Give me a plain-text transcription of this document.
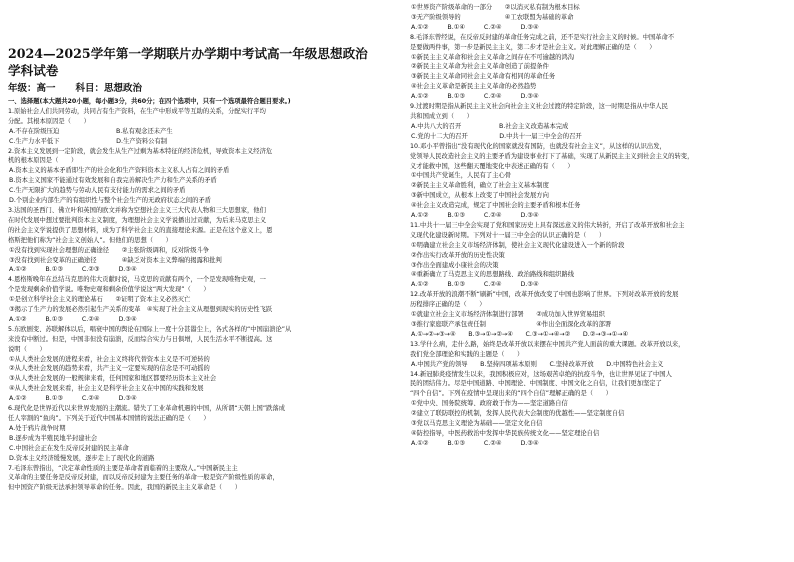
2024—2025学年第一学期联片办学期中考试高一年级思想政治
学科试卷
年级：高一 科目：思想政治
一、选择题(本大题共20小题，每小题3分，共60分；在四个选项中，只有一个选项最符合题目要求。)
1.原始社会人们共同劳动，共同占有生产资料，在生产中形成平等互助的关系，分配实行平均
分配。其根本原因是（　　）
A.不存在阶级压迫　　　　　　　　　B.私有观念还未产生
C.生产力水平低下　　　　　　　　　D.生产资料公有制
2.资本主义发展到一定阶段，就会发生从生产过剩为基本特征的经济危机，导致资本主义经济危
机的根本原因是（　　）
A.资本主义的基本矛盾即生产的社会化和生产资料资本主义私人占有之间的矛盾
B.资本主义国家不能通过有效发展和自我完善解决生产力和生产关系的矛盾
C.生产无限扩大的趋势与劳动人民有支付能力的需求之间的矛盾
D.个别企业内部生产的有组织性与整个社会生产的无政府状态之间的矛盾
3.达国的圣西门、佛立叶和英国的欧文并称为空想社会主义三大代表人物和三大思想家，他们
在时代发展中想过要批判资本主义制度，为理想社会主义学说播出过贡献，为后来马克思主义
的社会主义学说提供了思想材料，成为了科学社会主义的直接理论来源。正是在这个意义上，恩
格斯把他们称为“社会主义创始人”。但他们的思想（　　）
①没有找到实现社会理想的正确途径　　②主张阶级调和，反对阶级斗争
③没有找到社会变革的正确途径　　　　④缺乏对资本主义弊端的揭露和批判
A.①②　　　B.①③　　　C.②③　　　D.③④
4.恩格斯晚年在总结马克思的伟大贡献时说，马克思的贡献有两个，一个是发现唯物史观，一
个是发现剩余价值学说。唯物史观和剩余价值学说这“两大发现”（　　）
①是创立科学社会主义的理论基石　　②证明了资本主义必然灭亡
③揭示了生产力的发展必然引起生产关系的变革　④实现了社会主义从理想到现实的历史性飞跃
A.①②　　　B.①③　　　C.②④　　　D.③④
5.东欧剧变、苏联解体以后，唱衰中国的舆论在国际上一度十分甚嚣尘上，各式各样的“中国崩溃论”从
来没有中断过。但是，中国非但没有崩溃，反而综合实力与日俱增，人民生活水平不断提高。这
说明（　　）
①从人类社会发展的进程来看，社会主义终将代替资本主义是不可逆转的
②从人类社会发展的趋势来看，共产主义一定要实现的信念是不可动摇的
③从人类社会发展的一般规律来看，任何国家和地区都要经历资本主义社会
④从人类社会发展来看，社会主义是科学社会主义在中国的实践和发展
A.①②　　　B.①③　　　C.②④　　　D.③④
6.现代化是世界近代以来世界发展的主潮流。错失了工业革命机遇的中国，从所谓“天朝上国”跌落成
任人宰割的“鱼肉”。下列关于近代中国基本国情的说法正确的是（　　）
A.处于鸦片战争时期
B.逐步成为半殖民地半封建社会
C.中国社会正在发生反帝反封建的民主革命
D.资本主义经济缓慢发展，逐步走上了现代化的道路
7.毛泽东曾指出，“决定革命性质的主要是革命者面临着的主要敌人。”中国新民主主
义革命的主要任务是反帝反封建，而以反帝反封建为主要任务的革命一般是资产阶级性质的革命，
但中国资产阶级无法承担领导革命的任务。因此，我国的新民主主义革命是（　　）
①世界资产阶级革命的一部分　　②以消灭私有制为根本目标
③无产阶级领导的　　　　　　　④工农联盟为基础的革命
A.①②　　　B.①④　　　C.②④　　　D.③④
8.毛泽东曾经说，在反帝反封建的革命任务完成之前，还不是实行社会主义的时候。中国革命不
是要做两件事，第一步是新民主主义，第二步才是社会主义。对此理解正确的是（　　）
①新民主主义革命和社会主义革命之间存在不可逾越的鸿沟
②新民主主义革命为社会主义革命创造了前提条件
③新民主主义革命同社会主义革命有相同的革命任务
④社会主义革命是新民主主义革命的必然趋势
A.①②　　　B.①③　　　C.②④　　　D.③④
9.过渡时期是指从新民主主义社会向社会主义社会过渡的特定阶段，这一时期是指从中华人民
共和国成立到（　　）
A.中共八大的召开　　　　　　B.社会主义改造基本完成
C.党的十二大的召开　　　　　D.中共十一届三中全会的召开
10.邓小平曾指出“没有现代化的国家就没有国防，也就没有社会主义”，从这样的认识出发，
党领导人民改造社会主义的主要矛盾为建设事业打下了基础，实现了从新民主主义到社会主义的转变，
义才能救中国，这些翻天覆地变化中表述正确的有（　　）
①中国共产党诞生，人民有了主心骨
②新民主主义革命胜利，确立了社会主义基本制度
③新中国成立，从根本上改变了中国社会发展方向
④社会主义改造完成，规定了中国社会的主要矛盾和根本任务
A.①②　　　B.①③　　　C.②④　　　D.③④
11.中共十一届三中全会实现了党和国家历史上具有深远意义的伟大转折，开启了改革开放和社会主
义现代化建设新时期。下列对十一届三中全会的认识正确的是（　　）
①明确建立社会主义市场经济体制，使社会主义现代化建设进入一个新的阶段
②作出实行改革开放的历史性决策
③作出全面建成小康社会的决策
④重新确立了马克思主义的思想路线、政治路线和组织路线
A.①②　　　B.①③　　　C.②④　　　D.③④
12.改革开放的浪潮不断“刷新”中国，改革开放改变了中国也影响了世界。下列对改革开放的发展
历程排序正确的是（　　）
①就建立社会主义市场经济体制进行部署　　②成功加入世界贸易组织
③推行家庭联产承包责任制　　　　　　　　④作出全面深化改革的部署
A.①→②→③→④　　B.③→①→②→④　　C.③→①→④→②　　D.②→③→①→④
13.学什么病，走什么路，始终是改革开放以来摆在中国共产党人面前的重大课题。改革开放以来，
我们党全部理论和实践的主题是（　　）
A.中国共产党的领导　　B.坚持四项基本原则　　C.坚持改革开放　　D.中国特色社会主义
14.新冠肺炎疫情发生以来，我国积极应对，这场艰苦卓绝的抗疫斗争，也让世界见证了中国人
民的团结伟力。尽是中国道路、中国理论、中国制度、中国文化之自信，让我们更加坚定了
“四个自信”。下列在疫情中呈现出来的“四个自信”理解正确的是（　　）
①党中央、国务院统筹、政府敢于作为——坚定道路自信
②建立了联防联控的机制，发挥人民代表大会制度的优越性——坚定制度自信
③党以马克思主义理论为基础——坚定文化自信
④防控指导，中医药救治中发挥中华民族传统文化——坚定理论自信
A.①②　　　B.①③　　　C.②④　　　D.③④
